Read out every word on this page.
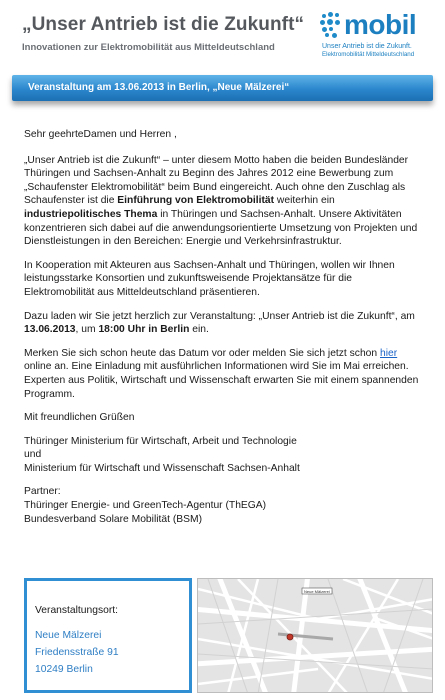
„Unser Antrieb ist die Zukunft“
Innovationen zur Elektromobilität aus Mitteldeutschland
mobil
Unser Antrieb ist die Zukunft.
Elektromobilität Mitteldeutschland
Veranstaltung am 13.06.2013 in Berlin, „Neue Mälzerei“

Sehr geehrteDamen und Herren ,

„Unser Antrieb ist die Zukunft“ – unter diesem Motto haben die beiden Bundesländer Thüringen und Sachsen-Anhalt zu Beginn des Jahres 2012 eine Bewerbung zum „Schaufenster Elektromobilität“ beim Bund eingereicht. Auch ohne den Zuschlag als Schaufenster ist die Einführung von Elektromobilität weiterhin ein industriepolitisches Thema in Thüringen und Sachsen-Anhalt. Unsere Aktivitäten konzentrieren sich dabei auf die anwendungsorientierte Umsetzung von Projekten und Dienstleistungen in den Bereichen: Energie und Verkehrsinfrastruktur.

In Kooperation mit Akteuren aus Sachsen-Anhalt und Thüringen, wollen wir Ihnen leistungsstarke Konsortien und zukunftsweisende Projektansätze für die Elektromobilität aus Mitteldeutschland präsentieren.

Dazu laden wir Sie jetzt herzlich zur Veranstaltung: „Unser Antrieb ist die Zukunft“, am 13.06.2013, um 18:00 Uhr in Berlin ein.

Merken Sie sich schon heute das Datum vor oder melden Sie sich jetzt schon hier online an. Eine Einladung mit ausführlichen Informationen wird Sie im Mai erreichen. Experten aus Politik, Wirtschaft und Wissenschaft erwarten Sie mit einem spannenden Programm.

Mit freundlichen Grüßen

Thüringer Ministerium für Wirtschaft, Arbeit und Technologie
und
Ministerium für Wirtschaft und Wissenschaft Sachsen-Anhalt

Partner:
Thüringer Energie- und GreenTech-Agentur (ThEGA)
Bundesverband Solare Mobilität (BSM)

Veranstaltungsort:
Neue Mälzerei
Friedensstraße 91
10249 Berlin
Neue Mälzerei
